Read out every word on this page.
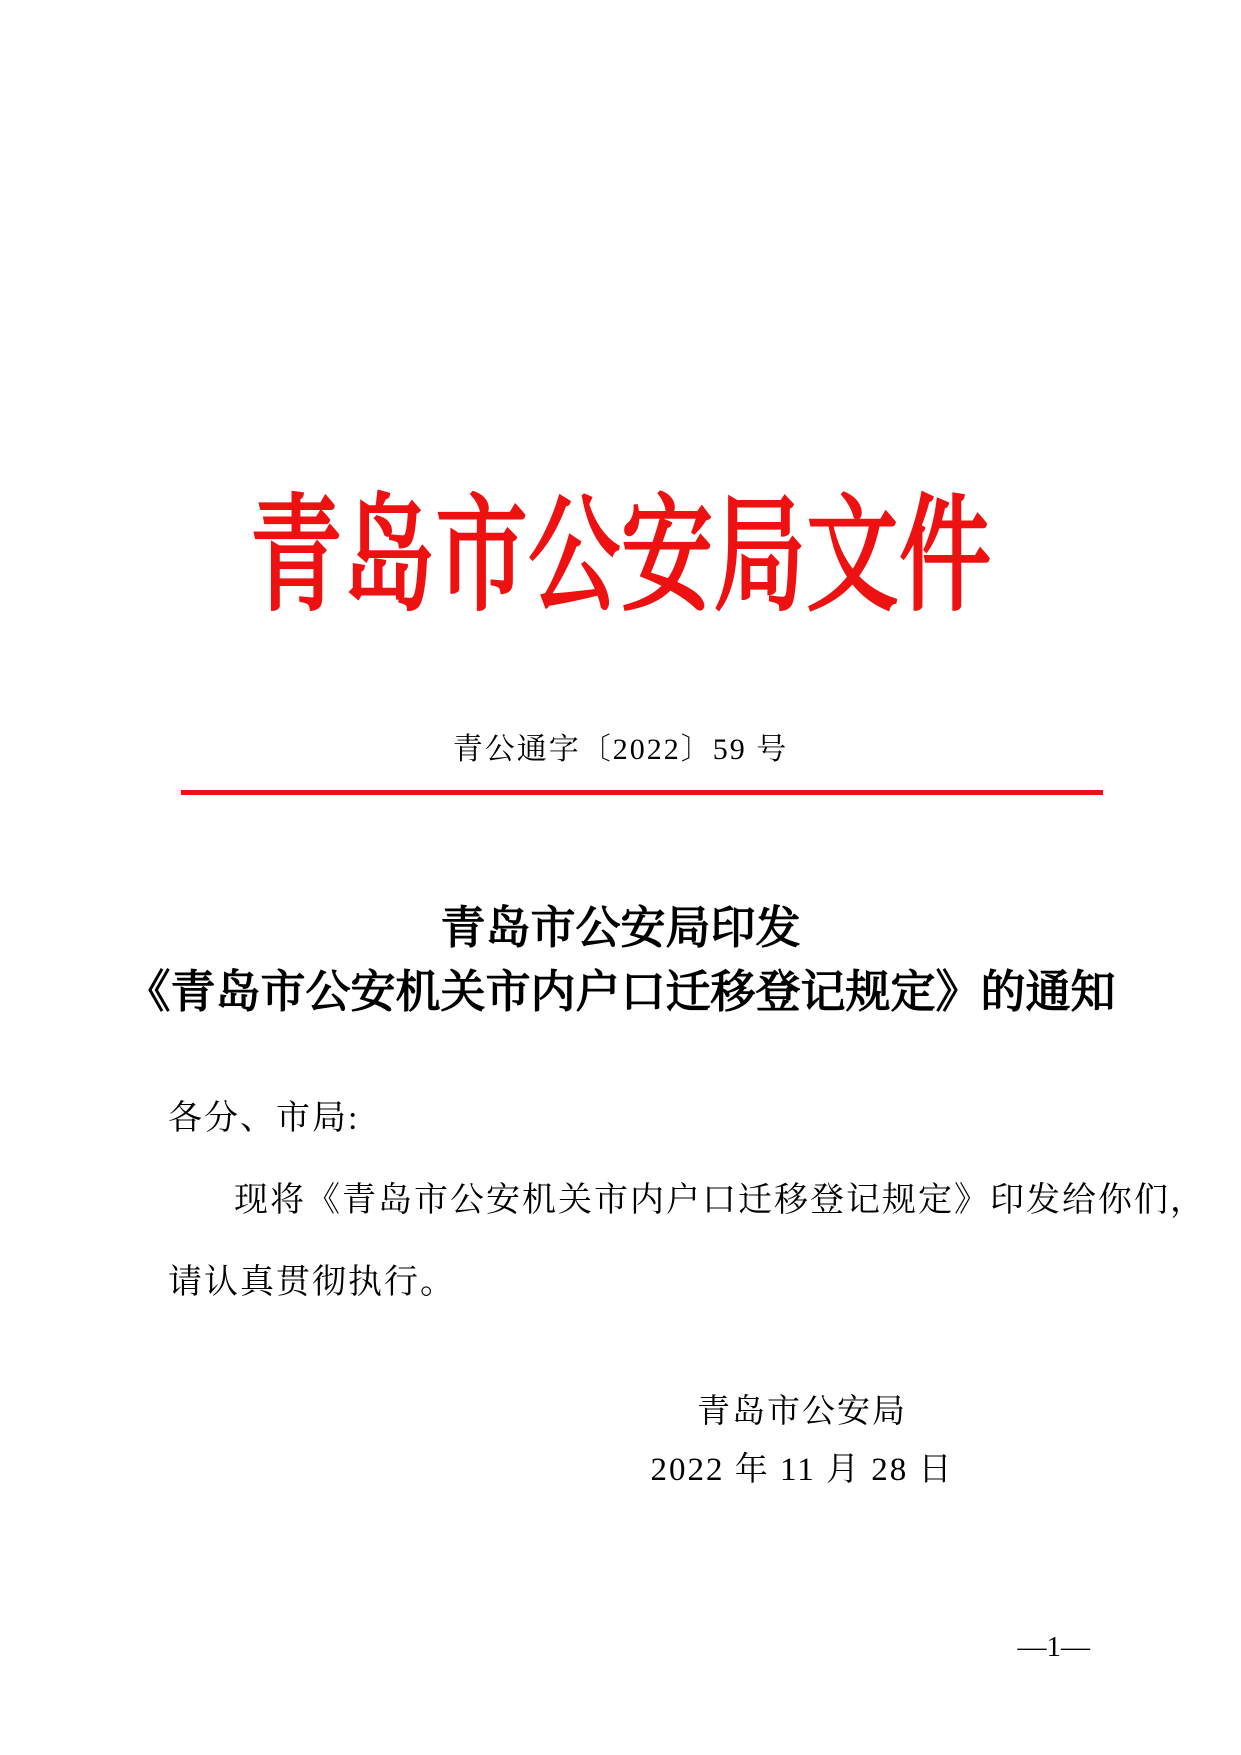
青岛市公安局文件
青公通字〔2022〕59 号
青岛市公安局印发
《青岛市公安机关市内户口迁移登记规定》的通知
各分、市局:
现将《青岛市公安机关市内户口迁移登记规定》印发给你们，
请认真贯彻执行。
青岛市公安局
2022 年 11 月 28 日
—1—
